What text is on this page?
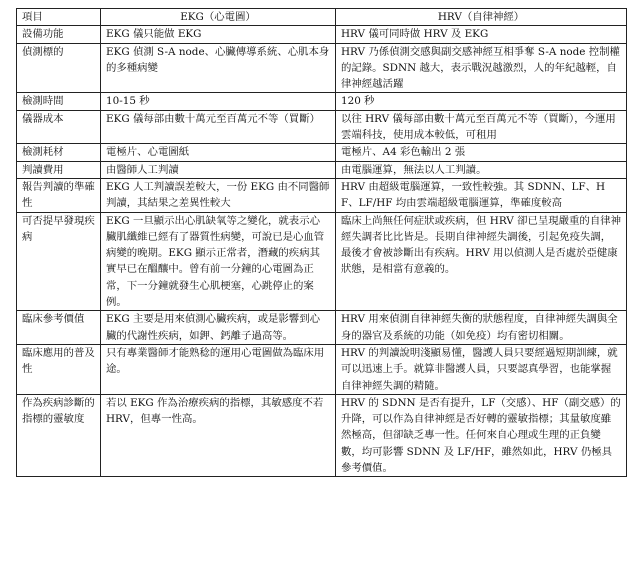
項目	EKG（心電圖）	HRV（自律神經）
設備功能	EKG 儀只能做 EKG	HRV 儀可同時做 HRV 及 EKG
偵測標的	EKG 偵測 S-A node、心臟傳導系統、心肌本身的多種病變	HRV 乃係偵測交感與副交感神經互相爭奪 S-A node 控制權的記錄。SDNN 越大，表示戰況越激烈，人的年紀越輕，自律神經越活躍
檢測時間	10-15 秒	120 秒
儀器成本	EKG 儀每部由數十萬元至百萬元不等（買斷）	以往 HRV 儀每部由數十萬元至百萬元不等（買斷），今運用雲端科技，使用成本較低，可租用
檢測耗材	電極片、心電圖紙	電極片、A4 彩色輸出 2 張
判讀費用	由醫師人工判讀	由電腦運算，無法以人工判讀。
報告判讀的準確性	EKG 人工判讀誤差較大，一份 EKG 由不同醫師判讀，其結果之差異性較大	HRV 由超級電腦運算，一致性較強。其 SDNN、LF、HF、LF/HF 均由雲端超級電腦運算，準確度較高
可否提早發現疾病	EKG 一旦顯示出心肌缺氧等之變化，就表示心臟肌纖維已經有了器質性病變，可說已是心血管病變的晚期。EKG 顯示正常者，潛藏的疾病其實早已在醞釀中。曾有前一分鐘的心電圖為正常，下一分鐘就發生心肌梗塞，心跳停止的案例。	臨床上尚無任何症狀或疾病，但 HRV 卻已呈現嚴重的自律神經失調者比比皆是。長期自律神經失調後，引起免疫失調，最後才會被診斷出有疾病。HRV 用以偵測人是否處於亞健康狀態，是相當有意義的。
臨床參考價值	EKG 主要是用來偵測心臟疾病，或是影響到心臟的代謝性疾病，如鉀、鈣離子過高等。	HRV 用來偵測自律神經失衡的狀態程度，自律神經失調與全身的器官及系統的功能（如免疫）均有密切相關。
臨床應用的普及性	只有專業醫師才能熟稔的運用心電圖做為臨床用途。	HRV 的判讀說明淺顯易懂，醫護人員只要經過短期訓練，就可以迅速上手。就算非醫護人員，只要認真學習，也能掌握自律神經失調的精隨。
作為疾病診斷的指標的靈敏度	若以 EKG 作為治療疾病的指標，其敏感度不若 HRV，但專一性高。	HRV 的 SDNN 是否有提升，LF（交感）、HF（副交感）的升降，可以作為自律神經是否好轉的靈敏指標；其量敏度雖然極高，但卻缺乏專一性。任何來自心理或生理的正負變數，均可影響 SDNN 及 LF/HF，雖然如此，HRV 仍極具參考價值。
